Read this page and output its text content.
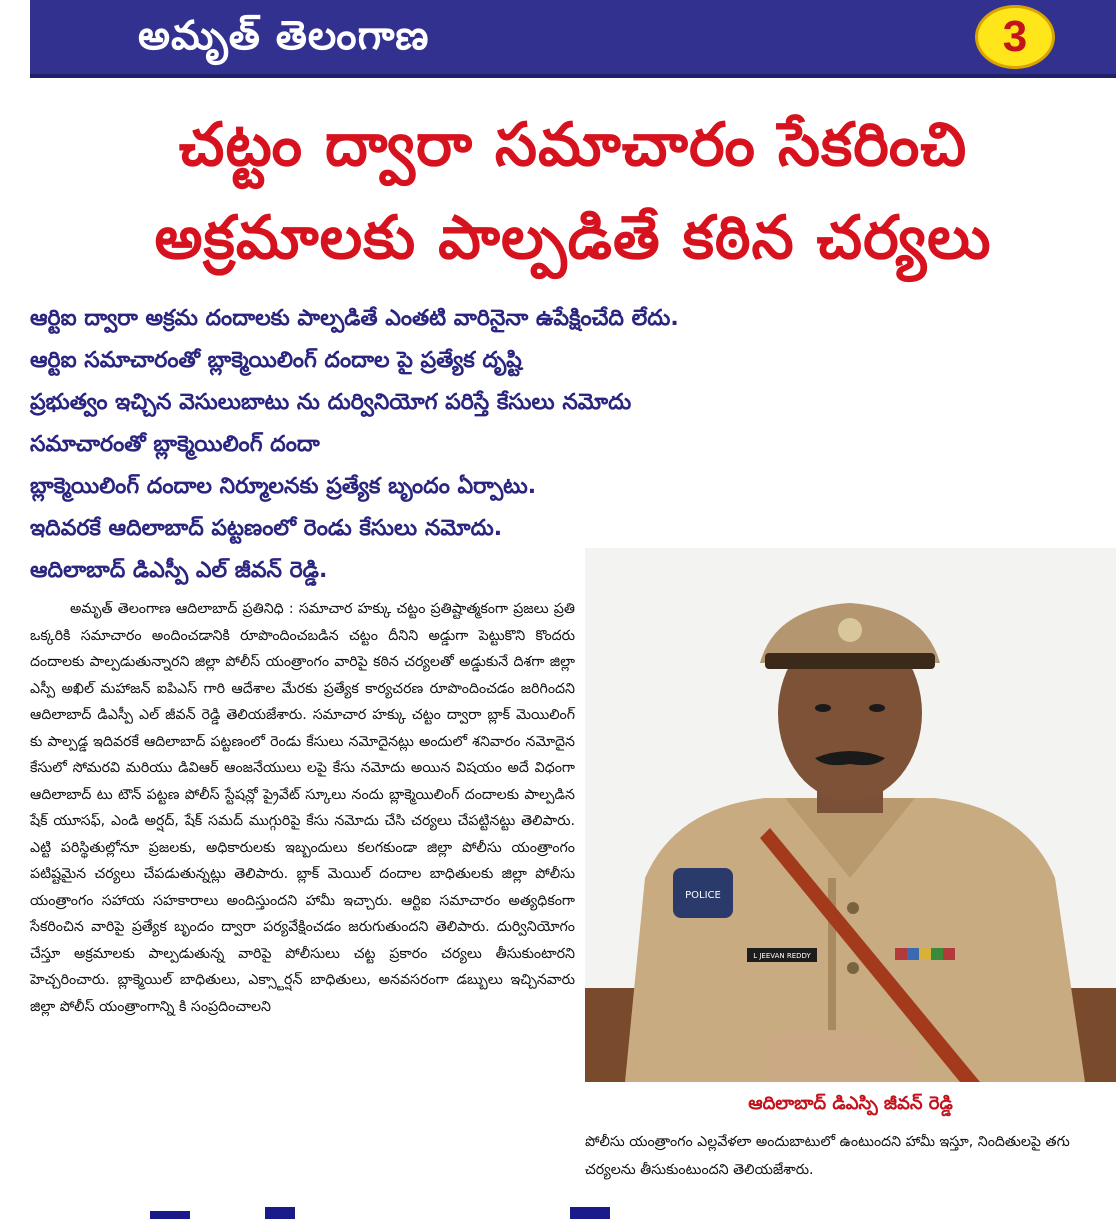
అమృత్ తెలంగాణ	3
చట్టం ద్వారా సమాచారం సేకరించి
అక్రమాలకు పాల్పడితే కఠిన చర్యలు
ఆర్టిఐ ద్వారా అక్రమ దందాలకు పాల్పడితే ఎంతటి వారినైనా ఉపేక్షించేది లేదు.
ఆర్టిఐ సమాచారంతో బ్లాక్మెయిలింగ్ దందాల పై ప్రత్యేక దృష్టి
ప్రభుత్వం ఇచ్చిన వెసులుబాటు ను దుర్వినియోగ పరిస్తే కేసులు నమోదు
సమాచారంతో బ్లాక్మెయిలింగ్ దందా
బ్లాక్మెయిలింగ్ దందాల నిర్మూలనకు ప్రత్యేక బృందం ఏర్పాటు.
ఇదివరకే ఆదిలాబాద్ పట్టణంలో రెండు కేసులు నమోదు.
ఆదిలాబాద్ డిఎస్పీ ఎల్ జీవన్ రెడ్డి.

అమృత్ తెలంగాణ ఆదిలాబాద్ ప్రతినిధి : సమాచార హక్కు చట్టం ప్రతిష్టాత్మకంగా ప్రజలు ప్రతి ఒక్కరికి సమాచారం అందించడానికి రూపొందించబడిన చట్టం దీనిని అడ్డుగా పెట్టుకొని కొందరు దందాలకు పాల్పడుతున్నారని జిల్లా పోలీస్ యంత్రాంగం వారిపై కఠిన చర్యలతో అడ్డుకునే దిశగా జిల్లా ఎస్పీ అఖిల్ మహాజన్ ఐపిఎస్ గారి ఆదేశాల మేరకు ప్రత్యేక కార్యచరణ రూపొందించడం జరిగిందని ఆదిలాబాద్ డిఎస్పీ ఎల్ జీవన్ రెడ్డి తెలియజేశారు. సమాచార హక్కు చట్టం ద్వారా బ్లాక్ మెయిలింగ్ కు పాల్పడ్డ ఇదివరకే ఆదిలాబాద్ పట్టణంలో రెండు కేసులు నమోదైనట్లు అందులో శనివారం నమోదైన కేసులో సోమరవి మరియు డివిఆర్ ఆంజనేయులు లపై కేసు నమోదు అయిన విషయం అదే విధంగా ఆదిలాబాద్ టు టౌన్ పట్టణ పోలీస్ స్టేషన్లో ప్రైవేట్ స్కూలు నందు బ్లాక్మెయిలింగ్ దందాలకు పాల్పడిన షేక్ యూసఫ్, ఎండి అర్షద్, షేక్ సమద్ ముగ్గురిపై కేసు నమోదు చేసి చర్యలు చేపట్టినట్టు తెలిపారు. ఎట్టి పరిస్థితుల్లోనూ ప్రజలకు, అధికారులకు ఇబ్బందులు కలగకుండా జిల్లా పోలీసు యంత్రాంగం పటిష్టమైన చర్యలు చేపడుతున్నట్లు తెలిపారు. బ్లాక్ మెయిల్ దందాల బాధితులకు జిల్లా పోలీసు యంత్రాంగం సహాయ సహకారాలు అందిస్తుందని హామీ ఇచ్చారు. ఆర్టిఐ సమాచారం అత్యధికంగా సేకరించిన వారిపై ప్రత్యేక బృందం ద్వారా పర్యవేక్షించడం జరుగుతుందని తెలిపారు. దుర్వినియోగం చేస్తూ అక్రమాలకు పాల్పడుతున్న వారిపై పోలీసులు చట్ట ప్రకారం చర్యలు తీసుకుంటారని హెచ్చరించారు. బ్లాక్మెయిల్ బాధితులు, ఎక్స్టార్షన్ బాధితులు, అనవసరంగా డబ్బులు ఇచ్చినవారు జిల్లా పోలీస్ యంత్రాంగాన్ని కి సంప్రదించాలని

POLICE
L JEEVAN REDDY
ఆదిలాబాద్ డిఎస్పి జీవన్ రెడ్డి

పోలీసు యంత్రాంగం ఎల్లవేళలా అందుబాటులో ఉంటుందని హామీ ఇస్తూ, నిందితులపై తగు చర్యలను తీసుకుంటుందని తెలియజేశారు.
